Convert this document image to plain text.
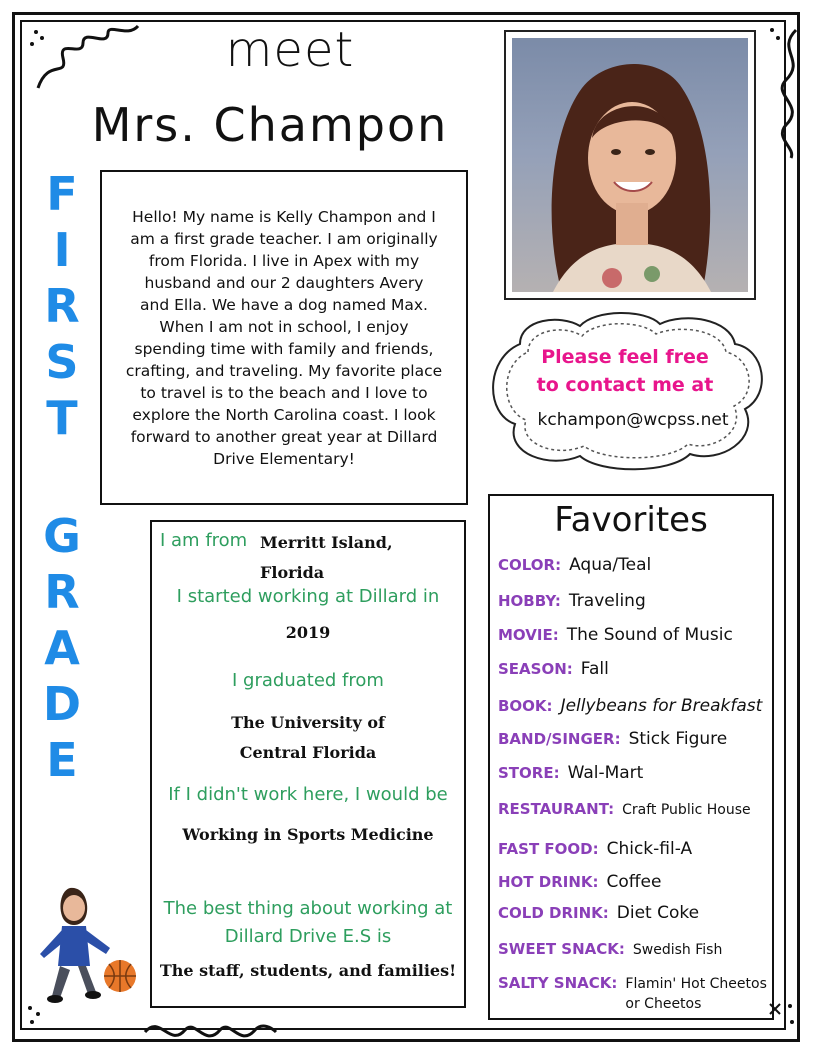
meet
Mrs. Champon
F
I
R
S
T
G
R
A
D
E
Hello! My name is Kelly Champon and I
am a first grade teacher. I am originally
from Florida. I live in Apex with my
husband and our 2 daughters Avery
and Ella. We have a dog named Max.
When I am not in school, I enjoy
spending time with family and friends,
crafting, and traveling. My favorite place
to travel is to the beach and I love to
explore the North Carolina coast. I look
forward to another great year at Dillard
Drive Elementary!
Please feel free
to contact me at
kchampon@wcpss.net
I am from Merritt Island, Florida
I started working at Dillard in
2019
I graduated from
The University of
Central Florida
If I didn't work here, I would be
Working in Sports Medicine
The best thing about working at
Dillard Drive E.S is
The staff, students, and families!
Favorites
COLOR: Aqua/Teal
HOBBY: Traveling
MOVIE: The Sound of Music
SEASON: Fall
BOOK: Jellybeans for Breakfast
BAND/SINGER: Stick Figure
STORE: Wal-Mart
RESTAURANT: Craft Public House
FAST FOOD: Chick-fil-A
HOT DRINK: Coffee
COLD DRINK: Diet Coke
SWEET SNACK: Swedish Fish
SALTY SNACK: Flamin' Hot Cheetos
or Cheetos
